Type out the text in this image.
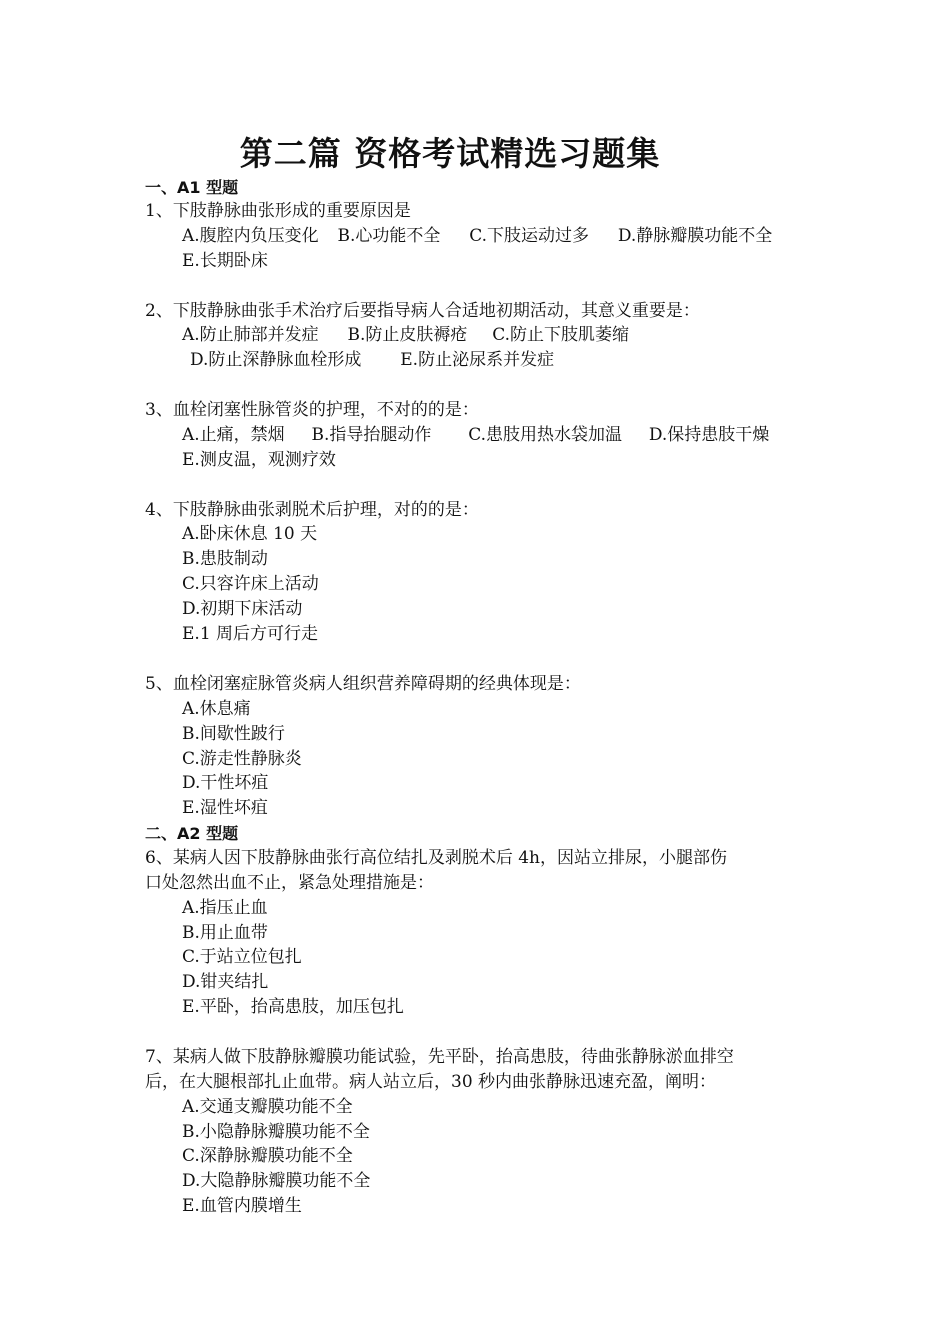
第二篇 资格考试精选习题集
一、A1 型题
1、下肢静脉曲张形成的重要原因是
A.腹腔内负压变化 B.心功能不全 C.下肢运动过多 D.静脉瓣膜功能不全
E.长期卧床
2、下肢静脉曲张手术治疗后要指导病人合适地初期活动，其意义重要是：
A.防止肺部并发症 B.防止皮肤褥疮 C.防止下肢肌萎缩
D.防止深静脉血栓形成 E.防止泌尿系并发症
3、血栓闭塞性脉管炎的护理，不对的的是：
A.止痛，禁烟 B.指导抬腿动作 C.患肢用热水袋加温 D.保持患肢干燥
E.测皮温，观测疗效
4、下肢静脉曲张剥脱术后护理，对的的是：
A.卧床休息 10 天
B.患肢制动
C.只容许床上活动
D.初期下床活动
E.1 周后方可行走
5、血栓闭塞症脉管炎病人组织营养障碍期的经典体现是：
A.休息痛
B.间歇性跛行
C.游走性静脉炎
D.干性坏疽
E.湿性坏疽
二、A2 型题
6、某病人因下肢静脉曲张行高位结扎及剥脱术后 4h，因站立排尿，小腿部伤
口处忽然出血不止，紧急处理措施是：
A.指压止血
B.用止血带
C.于站立位包扎
D.钳夹结扎
E.平卧，抬高患肢，加压包扎
7、某病人做下肢静脉瓣膜功能试验，先平卧，抬高患肢，待曲张静脉淤血排空
后，在大腿根部扎止血带。病人站立后，30 秒内曲张静脉迅速充盈，阐明：
A.交通支瓣膜功能不全
B.小隐静脉瓣膜功能不全
C.深静脉瓣膜功能不全
D.大隐静脉瓣膜功能不全
E.血管内膜增生
